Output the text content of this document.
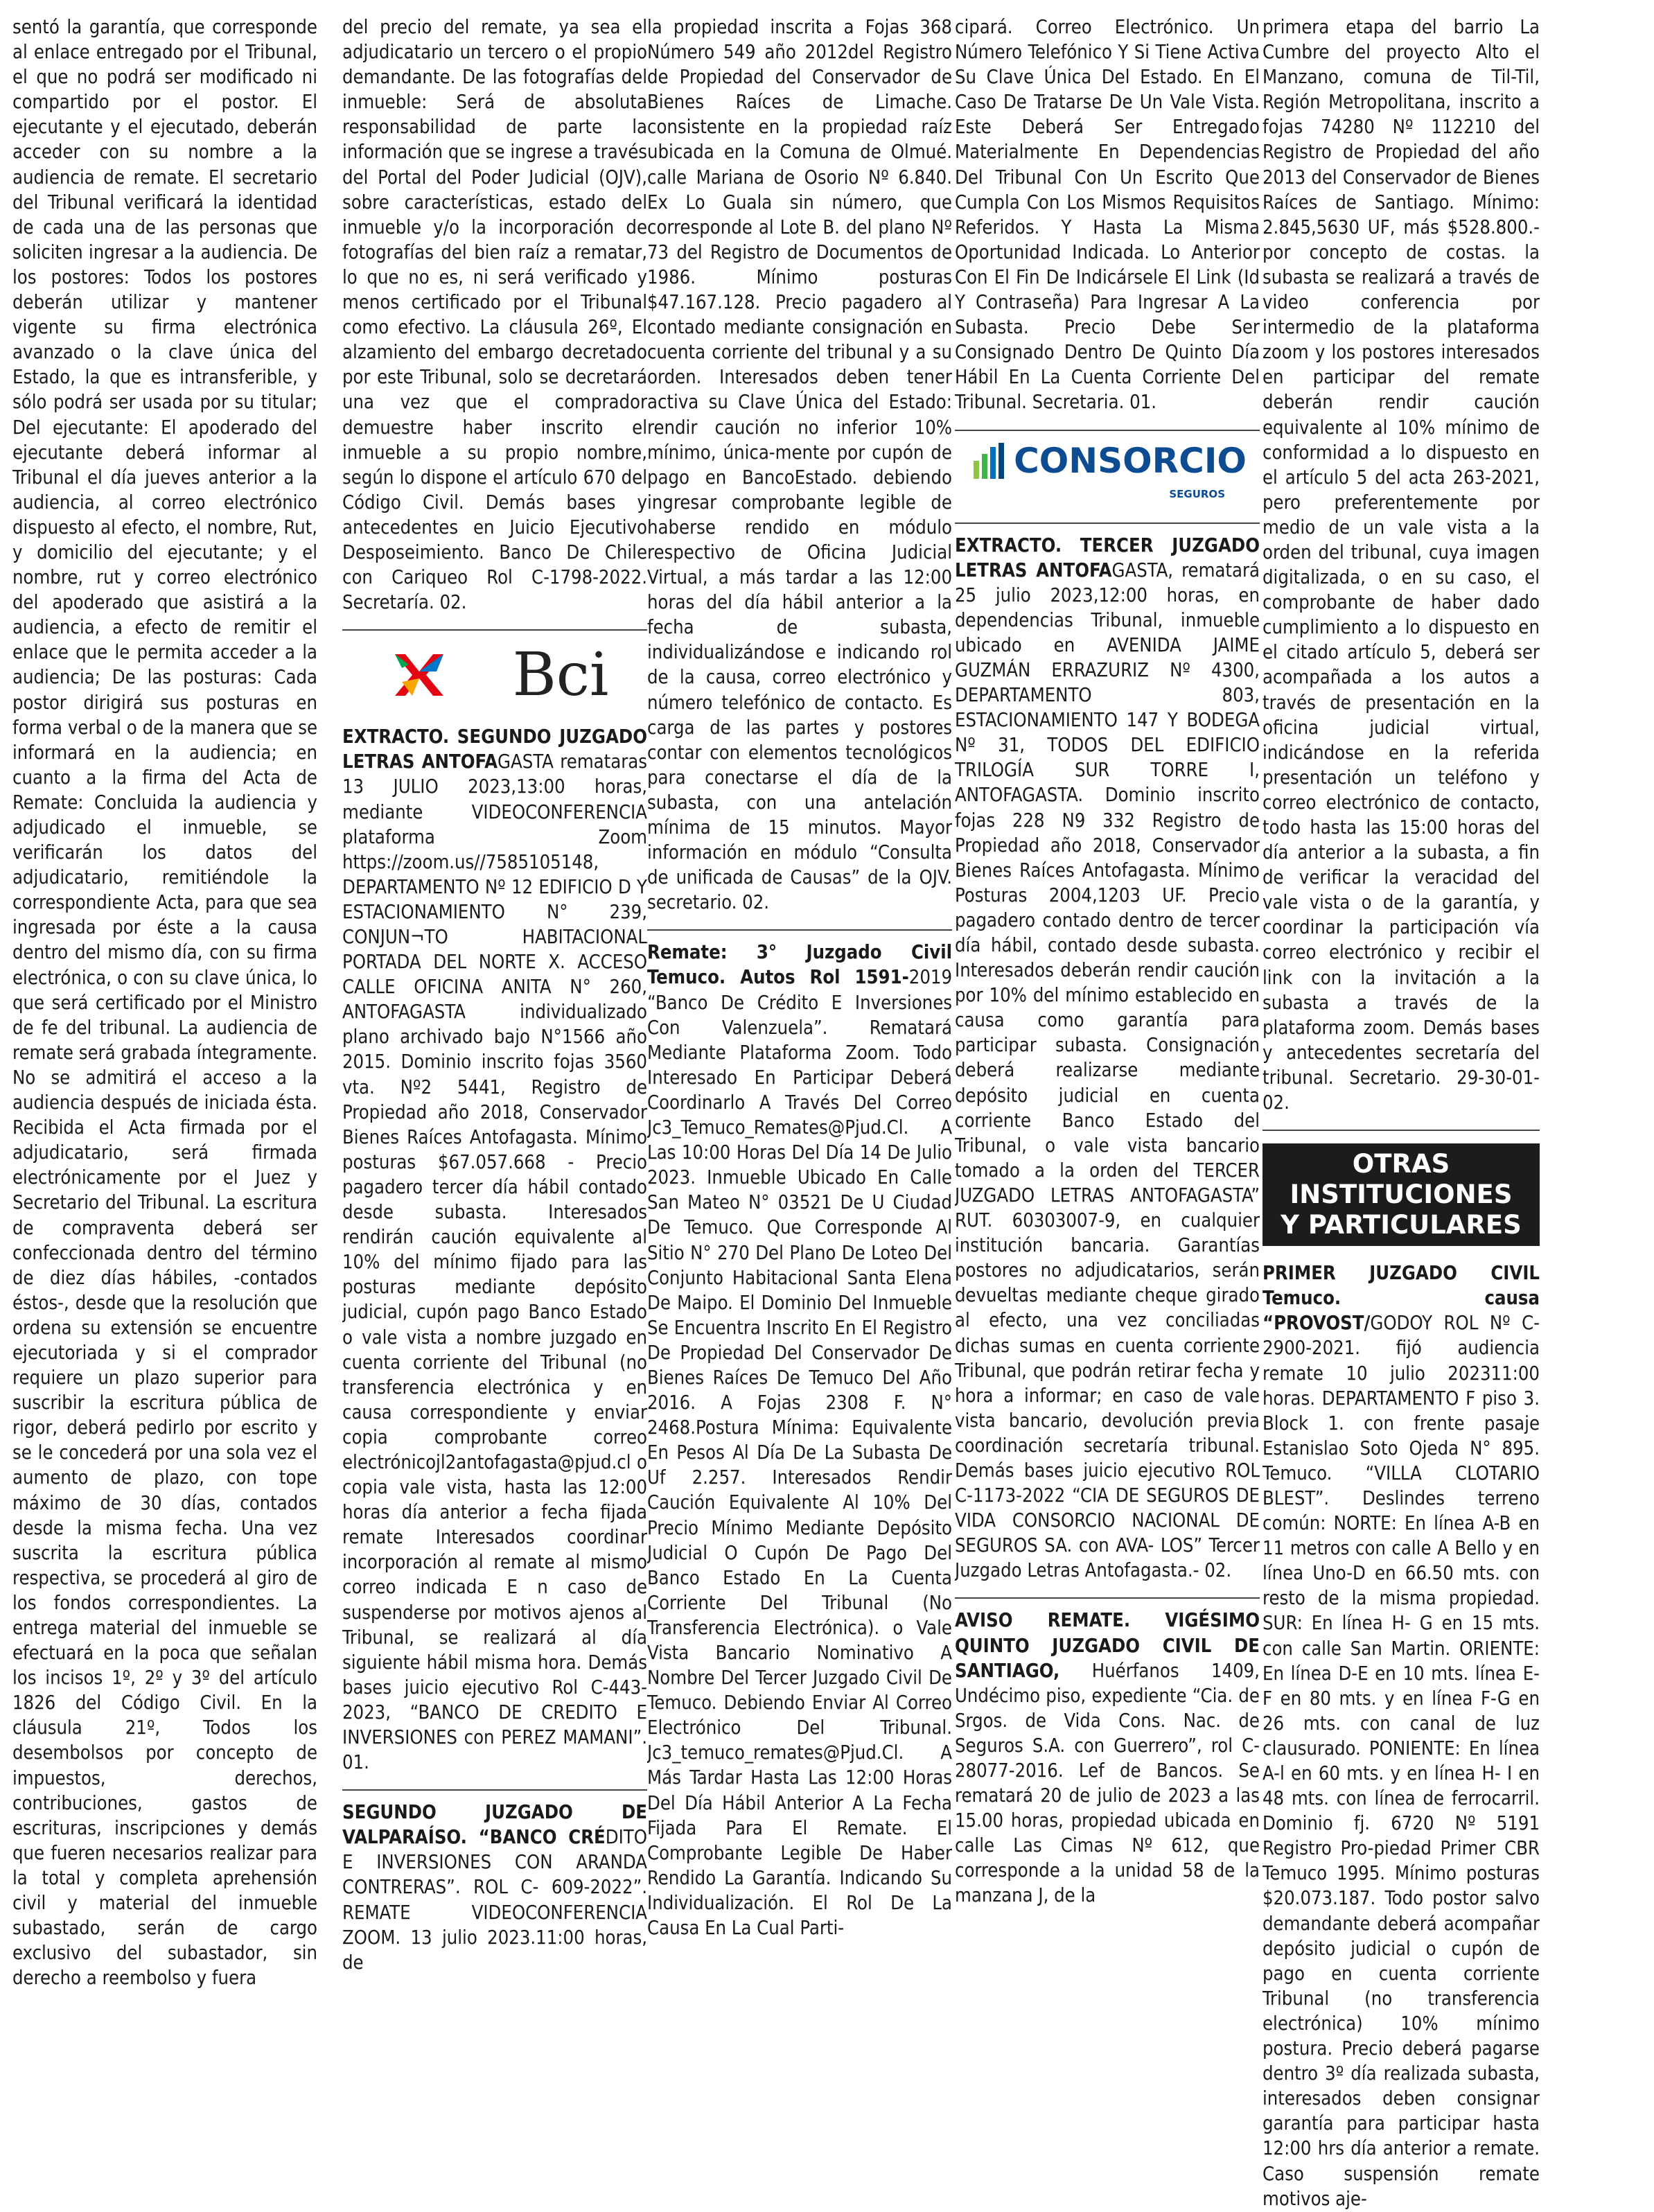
sentó la garantía, que corresponde al enlace entregado por el Tribunal, el que no podrá ser modificado ni compartido por el postor. El ejecutante y el ejecutado, deberán acceder con su nombre a la audiencia de remate. El secretario del Tribunal verificará la identidad de cada una de las personas que soliciten ingresar a la audiencia. De los postores: Todos los postores deberán utilizar y mantener vigente su firma electrónica avanzado o la clave única del Estado, la que es intransferible, y sólo podrá ser usada por su titular; Del ejecutante: El apoderado del ejecutante deberá informar al Tribunal el día jueves anterior a la audiencia, al correo electrónico dispuesto al efecto, el nombre, Rut, y domicilio del ejecutante; y el nombre, rut y correo electrónico del apoderado que asistirá a la audiencia, a efecto de remitir el enlace que le permita acceder a la audiencia; De las posturas: Cada postor dirigirá sus posturas en forma verbal o de la manera que se informará en la audiencia; en cuanto a la firma del Acta de Remate: Concluida la audiencia y adjudicado el inmueble, se verificarán los datos del adjudicatario, remitiéndole la correspondiente Acta, para que sea ingresada por éste a la causa dentro del mismo día, con su firma electrónica, o con su clave única, lo que será certificado por el Ministro de fe del tribunal. La audiencia de remate será grabada íntegramente. No se admitirá el acceso a la audiencia después de iniciada ésta. Recibida el Acta firmada por el adjudicatario, será firmada electrónicamente por el Juez y Secretario del Tribunal. La escritura de compraventa deberá ser confeccionada dentro del término de diez días hábiles, -contados éstos-, desde que la resolución que ordena su extensión se encuentre ejecutoriada y si el comprador requiere un plazo superior para suscribir la escritura pública de rigor, deberá pedirlo por escrito y se le concederá por una sola vez el aumento de plazo, con tope máximo de 30 días, contados desde la misma fecha. Una vez suscrita la escritura pública respectiva, se procederá al giro de los fondos correspondientes. La entrega material del inmueble se efectuará en la poca que señalan los incisos 1º, 2º y 3º del artículo 1826 del Código Civil. En la cláusula 21º, Todos los desembolsos por concepto de impuestos, derechos, contribuciones, gastos de escrituras, inscripciones y demás que fueren necesarios realizar para la total y completa aprehensión civil y material del inmueble subastado, serán de cargo exclusivo del subastador, sin derecho a reembolso y fuera

del precio del remate, ya sea el adjudicatario un tercero o el propio demandante. De las fotografías del inmueble: Será de absoluta responsabilidad de parte la información que se ingrese a través del Portal del Poder Judicial (OJV), sobre características, estado del inmueble y/o la incorporación de fotografías del bien raíz a rematar, lo que no es, ni será verificado y menos certificado por el Tribunal como efectivo. La cláusula 26º, El alzamiento del embargo decretado por este Tribunal, solo se decretará una vez que el comprador demuestre haber inscrito el inmueble a su propio nombre, según lo dispone el artículo 670 del Código Civil. Demás bases y antecedentes en Juicio Ejecutivo Desposeimiento. Banco De Chile con Cariqueo Rol C-1798-2022. Secretaría. 02.

Bci

EXTRACTO. SEGUNDO JUZGADO LETRAS ANTOFAGASTA remataras 13 JULIO 2023,13:00 horas, mediante VIDEOCONFERENCIA plataforma Zoom https://zoom.us//7585105148, DEPARTAMENTO Nº 12 EDIFICIO D Y ESTACIONAMIENTO N° 239, CONJUN¬TO HABITACIONAL PORTADA DEL NORTE X. ACCESO CALLE OFICINA ANITA N° 260, ANTOFAGASTA individualizado plano archivado bajo N°1566 año 2015. Dominio inscrito fojas 3560 vta. Nº2 5441, Registro de Propiedad año 2018, Conservador Bienes Raíces Antofagasta. Mínimo posturas $67.057.668 - Precio pagadero tercer día hábil contado desde subasta. Interesados rendirán caución equivalente al 10% del mínimo fijado para las posturas mediante depósito judicial, cupón pago Banco Estado o vale vista a nombre juzgado en cuenta corriente del Tribunal (no transferencia electrónica y en causa correspondiente y enviar copia comprobante correo electrónicojl2antofagasta@pjud.cl o copia vale vista, hasta las 12:00 horas día anterior a fecha fijada remate Interesados coordinar incorporación al remate al mismo correo indicada E n caso de suspenderse por motivos ajenos al Tribunal, se realizará al día siguiente hábil misma hora. Demás bases juicio ejecutivo Rol C-443-2023, “BANCO DE CREDITO E INVERSIONES con PEREZ MAMANI”. 01.

SEGUNDO JUZGADO DE VALPARAÍSO. “BANCO CRÉDITO E INVERSIONES CON ARANDA CONTRERAS”. ROL C- 609-2022”. REMATE VIDEOCONFERENCIA ZOOM. 13 julio 2023.11:00 horas, de

la propiedad inscrita a Fojas 368 Número 549 año 2012del Registro de Propiedad del Conservador de Bienes Raíces de Limache. consistente en la propiedad raíz ubicada en la Comuna de Olmué. calle Mariana de Osorio Nº 6.840. Ex Lo Guala sin número, que corresponde al Lote B. del plano Nº 73 del Registro de Documentos de 1986. Mínimo posturas $47.167.128. Precio pagadero al contado mediante consignación en cuenta corriente del tribunal y a su orden. Interesados deben tener activa su Clave Única del Estado: rendir caución no inferior 10% mínimo, única-mente por cupón de pago en BancoEstado. debiendo ingresar comprobante legible de haberse rendido en módulo respectivo de Oficina Judicial Virtual, a más tardar a las 12:00 horas del día hábil anterior a la fecha de subasta, individualizándose e indicando rol de la causa, correo electrónico y número telefónico de contacto. Es carga de las partes y postores contar con elementos tecnológicos para conectarse el día de la subasta, con una antelación mínima de 15 minutos. Mayor información en módulo “Consulta de unificada de Causas” de la OJV. secretario. 02.

Remate: 3° Juzgado Civil Temuco. Autos Rol 1591-2019 “Banco De Crédito E Inversiones Con Valenzuela”. Rematará Mediante Plataforma Zoom. Todo Interesado En Participar Deberá Coordinarlo A Través Del Correo Jc3_Temuco_Remates@Pjud.Cl. A Las 10:00 Horas Del Día 14 De Julio 2023. Inmueble Ubicado En Calle San Mateo N° 03521 De U Ciudad De Temuco. Que Corresponde Al Sitio N° 270 Del Plano De Loteo Del Conjunto Habitacional Santa Elena De Maipo. El Dominio Del Inmueble Se Encuentra Inscrito En El Registro De Propiedad Del Conservador De Bienes Raíces De Temuco Del Año 2016. A Fojas 2308 F. N° 2468.Postura Mínima: Equivalente En Pesos Al Día De La Subasta De Uf 2.257. Interesados Rendir Caución Equivalente Al 10% Del Precio Mínimo Mediante Depósito Judicial O Cupón De Pago Del Banco Estado En La Cuenta Corriente Del Tribunal (No Transferencia Electrónica). o Vale Vista Bancario Nominativo A Nombre Del Tercer Juzgado Civil De Temuco. Debiendo Enviar Al Correo Electrónico Del Tribunal. Jc3_temuco_remates@Pjud.Cl. A Más Tardar Hasta Las 12:00 Horas Del Día Hábil Anterior A La Fecha Fijada Para El Remate. El Comprobante Legible De Haber Rendido La Garantía. Indicando Su Individualización. El Rol De La Causa En La Cual Parti-

cipará. Correo Electrónico. Un Número Telefónico Y Si Tiene Activa Su Clave Única Del Estado. En El Caso De Tratarse De Un Vale Vista. Este Deberá Ser Entregado Materialmente En Dependencias Del Tribunal Con Un Escrito Que Cumpla Con Los Mismos Requisitos Referidos. Y Hasta La Misma Oportunidad Indicada. Lo Anterior Con El Fin De Indicársele El Link (Id Y Contraseña) Para Ingresar A La Subasta. Precio Debe Ser Consignado Dentro De Quinto Día Hábil En La Cuenta Corriente Del Tribunal. Secretaria. 01.

CONSORCIO
SEGUROS

EXTRACTO. TERCER JUZGADO LETRAS ANTOFAGASTA, rematará 25 julio 2023,12:00 horas, en dependencias Tribunal, inmueble ubicado en AVENIDA JAIME GUZMÁN ERRAZURIZ Nº 4300, DEPARTAMENTO 803, ESTACIONAMIENTO 147 Y BODEGA Nº 31, TODOS DEL EDIFICIO TRILOGÍA SUR TORRE I, ANTOFAGASTA. Dominio inscrito fojas 228 N9 332 Registro de Propiedad año 2018, Conservador Bienes Raíces Antofagasta. Mínimo Posturas 2004,1203 UF. Precio pagadero contado dentro de tercer día hábil, contado desde subasta. Interesados deberán rendir caución por 10% del mínimo establecido en causa como garantía para participar subasta. Consignación deberá realizarse mediante depósito judicial en cuenta corriente Banco Estado del Tribunal, o vale vista bancario tomado a la orden del TERCER JUZGADO LETRAS ANTOFAGASTA” RUT. 60303007-9, en cualquier institución bancaria. Garantías postores no adjudicatarios, serán devueltas mediante cheque girado al efecto, una vez conciliadas dichas sumas en cuenta corriente Tribunal, que podrán retirar fecha y hora a informar; en caso de vale vista bancario, devolución previa coordinación secretaría tribunal. Demás bases juicio ejecutivo ROL C-1173-2022 “CIA DE SEGUROS DE VIDA CONSORCIO NACIONAL DE SEGUROS SA. con AVA- LOS” Tercer Juzgado Letras Antofagasta.- 02.

AVISO REMATE. VIGÉSIMO QUINTO JUZGADO CIVIL DE SANTIAGO, Huérfanos 1409, Undécimo piso, expediente “Cia. de Srgos. de Vida Cons. Nac. de Seguros S.A. con Guerrero”, rol C-28077-2016. Lef de Bancos. Se rematará 20 de julio de 2023 a las 15.00 horas, propiedad ubicada en calle Las Cimas Nº 612, que corresponde a la unidad 58 de la manzana J, de la

primera etapa del barrio La Cumbre del proyecto Alto el Manzano, comuna de Til-Til, Región Metropolitana, inscrito a fojas 74280 Nº 112210 del Registro de Propiedad del año 2013 del Conservador de Bienes Raíces de Santiago. Mínimo: 2.845,5630 UF, más $528.800.- por concepto de costas. la subasta se realizará a través de video conferencia por intermedio de la plataforma zoom y los postores interesados en participar del remate deberán rendir caución equivalente al 10% mínimo de conformidad a lo dispuesto en el artículo 5 del acta 263-2021, pero preferentemente por medio de un vale vista a la orden del tribunal, cuya imagen digitalizada, o en su caso, el comprobante de haber dado cumplimiento a lo dispuesto en el citado artículo 5, deberá ser acompañada a los autos a través de presentación en la oficina judicial virtual, indicándose en la referida presentación un teléfono y correo electrónico de contacto, todo hasta las 15:00 horas del día anterior a la subasta, a fin de verificar la veracidad del vale vista o de la garantía, y coordinar la participación vía correo electrónico y recibir el link con la invitación a la subasta a través de la plataforma zoom. Demás bases y antecedentes secretaría del tribunal. Secretario. 29-30-01-02.

OTRAS INSTITUCIONES
Y PARTICULARES

PRIMER JUZGADO CIVIL Temuco. causa “PROVOST/GODOY ROL Nº C-2900-2021. fijó audiencia remate 10 julio 202311:00 horas. DEPARTAMENTO F piso 3. Block 1. con frente pasaje Estanislao Soto Ojeda N° 895. Temuco. “VILLA CLOTARIO BLEST”. Deslindes terreno común: NORTE: En línea A-B en 11 metros con calle A Bello y en línea Uno-D en 66.50 mts. con resto de la misma propiedad. SUR: En línea H- G en 15 mts. con calle San Martin. ORIENTE: En línea D-E en 10 mts. línea E-F en 80 mts. y en línea F-G en 26 mts. con canal de luz clausurado. PONIENTE: En línea A-l en 60 mts. y en línea H- I en 48 mts. con línea de ferrocarril. Dominio fj. 6720 Nº 5191 Registro Pro-piedad Primer CBR Temuco 1995. Mínimo posturas $20.073.187. Todo postor salvo demandante deberá acompañar depósito judicial o cupón de pago en cuenta corriente Tribunal (no transferencia electrónica) 10% mínimo postura. Precio deberá pagarse dentro 3º día realizada subasta, interesados deben consignar garantía para participar hasta 12:00 hrs día anterior a remate. Caso suspensión remate motivos aje-
